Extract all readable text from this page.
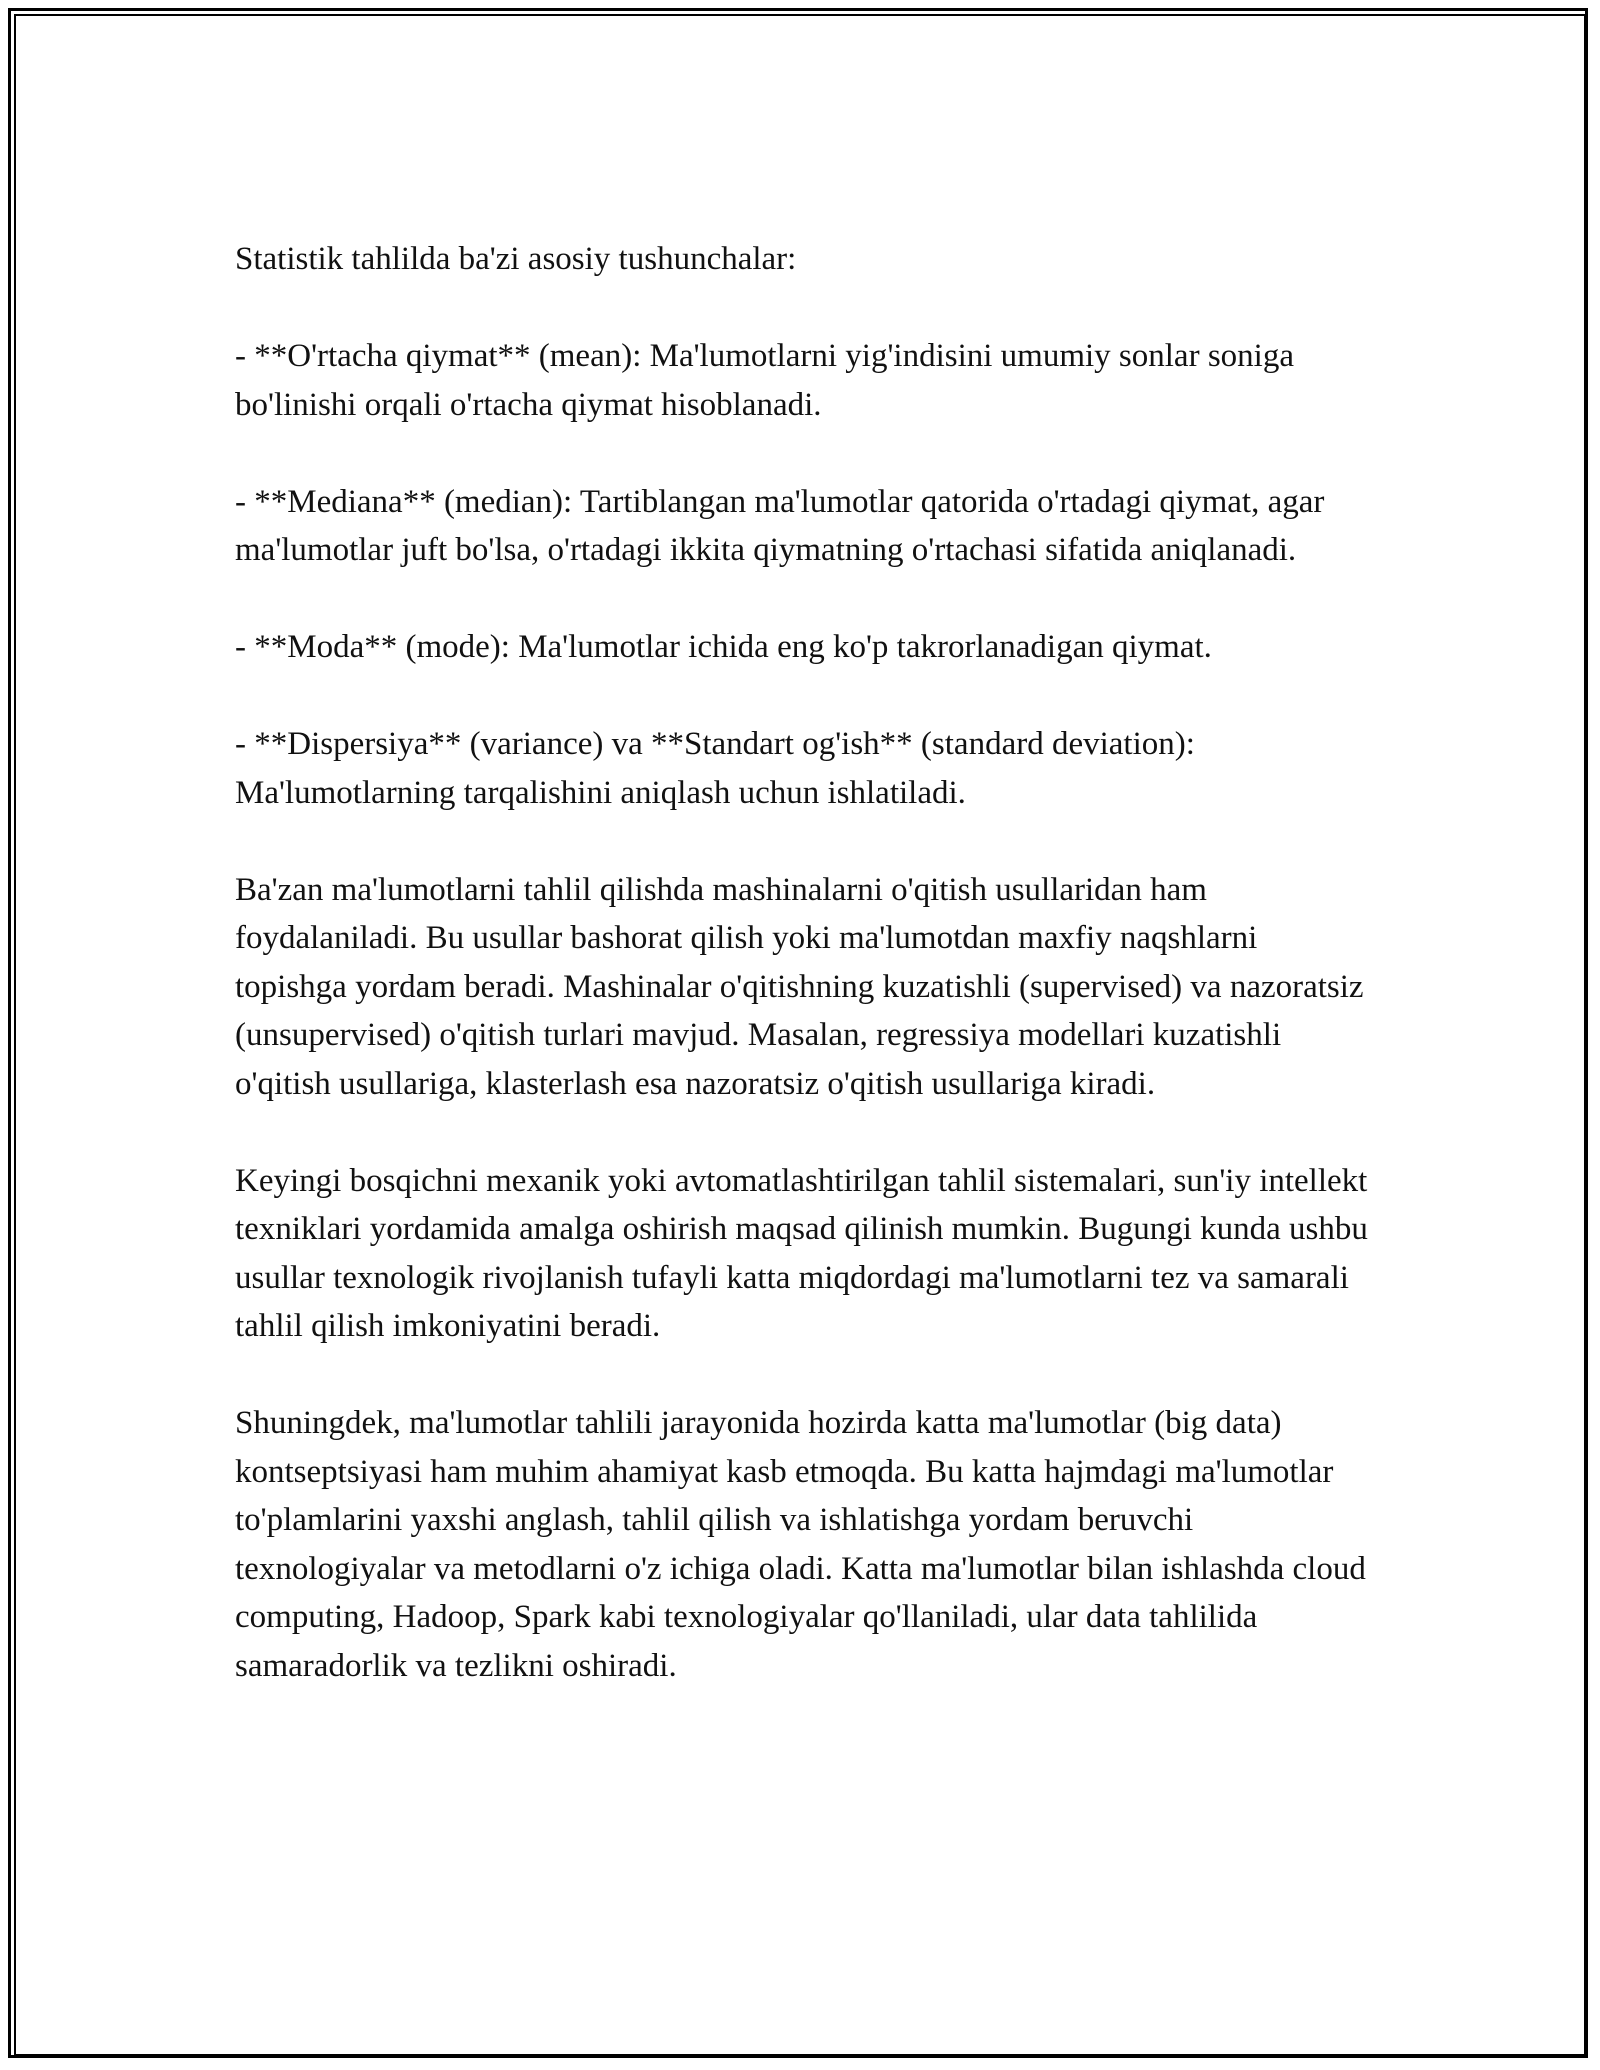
Statistik tahlilda ba'zi asosiy tushunchalar:

- **O'rtacha qiymat** (mean): Ma'lumotlarni yig'indisini umumiy sonlar soniga bo'linishi orqali o'rtacha qiymat hisoblanadi.

- **Mediana** (median): Tartiblangan ma'lumotlar qatorida o'rtadagi qiymat, agar ma'lumotlar juft bo'lsa, o'rtadagi ikkita qiymatning o'rtachasi sifatida aniqlanadi.

- **Moda** (mode): Ma'lumotlar ichida eng ko'p takrorlanadigan qiymat.

- **Dispersiya** (variance) va **Standart og'ish** (standard deviation): Ma'lumotlarning tarqalishini aniqlash uchun ishlatiladi.

Ba'zan ma'lumotlarni tahlil qilishda mashinalarni o'qitish usullaridan ham foydalaniladi. Bu usullar bashorat qilish yoki ma'lumotdan maxfiy naqshlarni topishga yordam beradi. Mashinalar o'qitishning kuzatishli (supervised) va nazoratsiz (unsupervised) o'qitish turlari mavjud. Masalan, regressiya modellari kuzatishli o'qitish usullariga, klasterlash esa nazoratsiz o'qitish usullariga kiradi.

Keyingi bosqichni mexanik yoki avtomatlashtirilgan tahlil sistemalari, sun'iy intellekt texniklari yordamida amalga oshirish maqsad qilinish mumkin. Bugungi kunda ushbu usullar texnologik rivojlanish tufayli katta miqdordagi ma'lumotlarni tez va samarali tahlil qilish imkoniyatini beradi.

Shuningdek, ma'lumotlar tahlili jarayonida hozirda katta ma'lumotlar (big data) kontseptsiyasi ham muhim ahamiyat kasb etmoqda. Bu katta hajmdagi ma'lumotlar to'plamlarini yaxshi anglash, tahlil qilish va ishlatishga yordam beruvchi texnologiyalar va metodlarni o'z ichiga oladi. Katta ma'lumotlar bilan ishlashda cloud computing, Hadoop, Spark kabi texnologiyalar qo'llaniladi, ular data tahlilida samaradorlik va tezlikni oshiradi.
